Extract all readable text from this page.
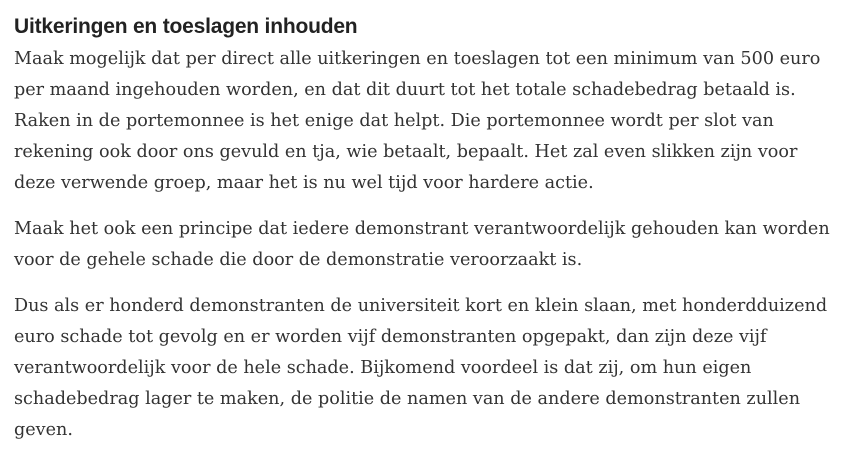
Uitkeringen en toeslagen inhouden

Maak mogelijk dat per direct alle uitkeringen en toeslagen tot een minimum van 500 euro per maand ingehouden worden, en dat dit duurt tot het totale schadebedrag betaald is. Raken in de portemonnee is het enige dat helpt. Die portemonnee wordt per slot van rekening ook door ons gevuld en tja, wie betaalt, bepaalt. Het zal even slikken zijn voor deze verwende groep, maar het is nu wel tijd voor hardere actie.

Maak het ook een principe dat iedere demonstrant verantwoordelijk gehouden kan worden voor de gehele schade die door de demonstratie veroorzaakt is.

Dus als er honderd demonstranten de universiteit kort en klein slaan, met honderdduizend euro schade tot gevolg en er worden vijf demonstranten opgepakt, dan zijn deze vijf verantwoordelijk voor de hele schade. Bijkomend voordeel is dat zij, om hun eigen schadebedrag lager te maken, de politie de namen van de andere demonstranten zullen geven.
